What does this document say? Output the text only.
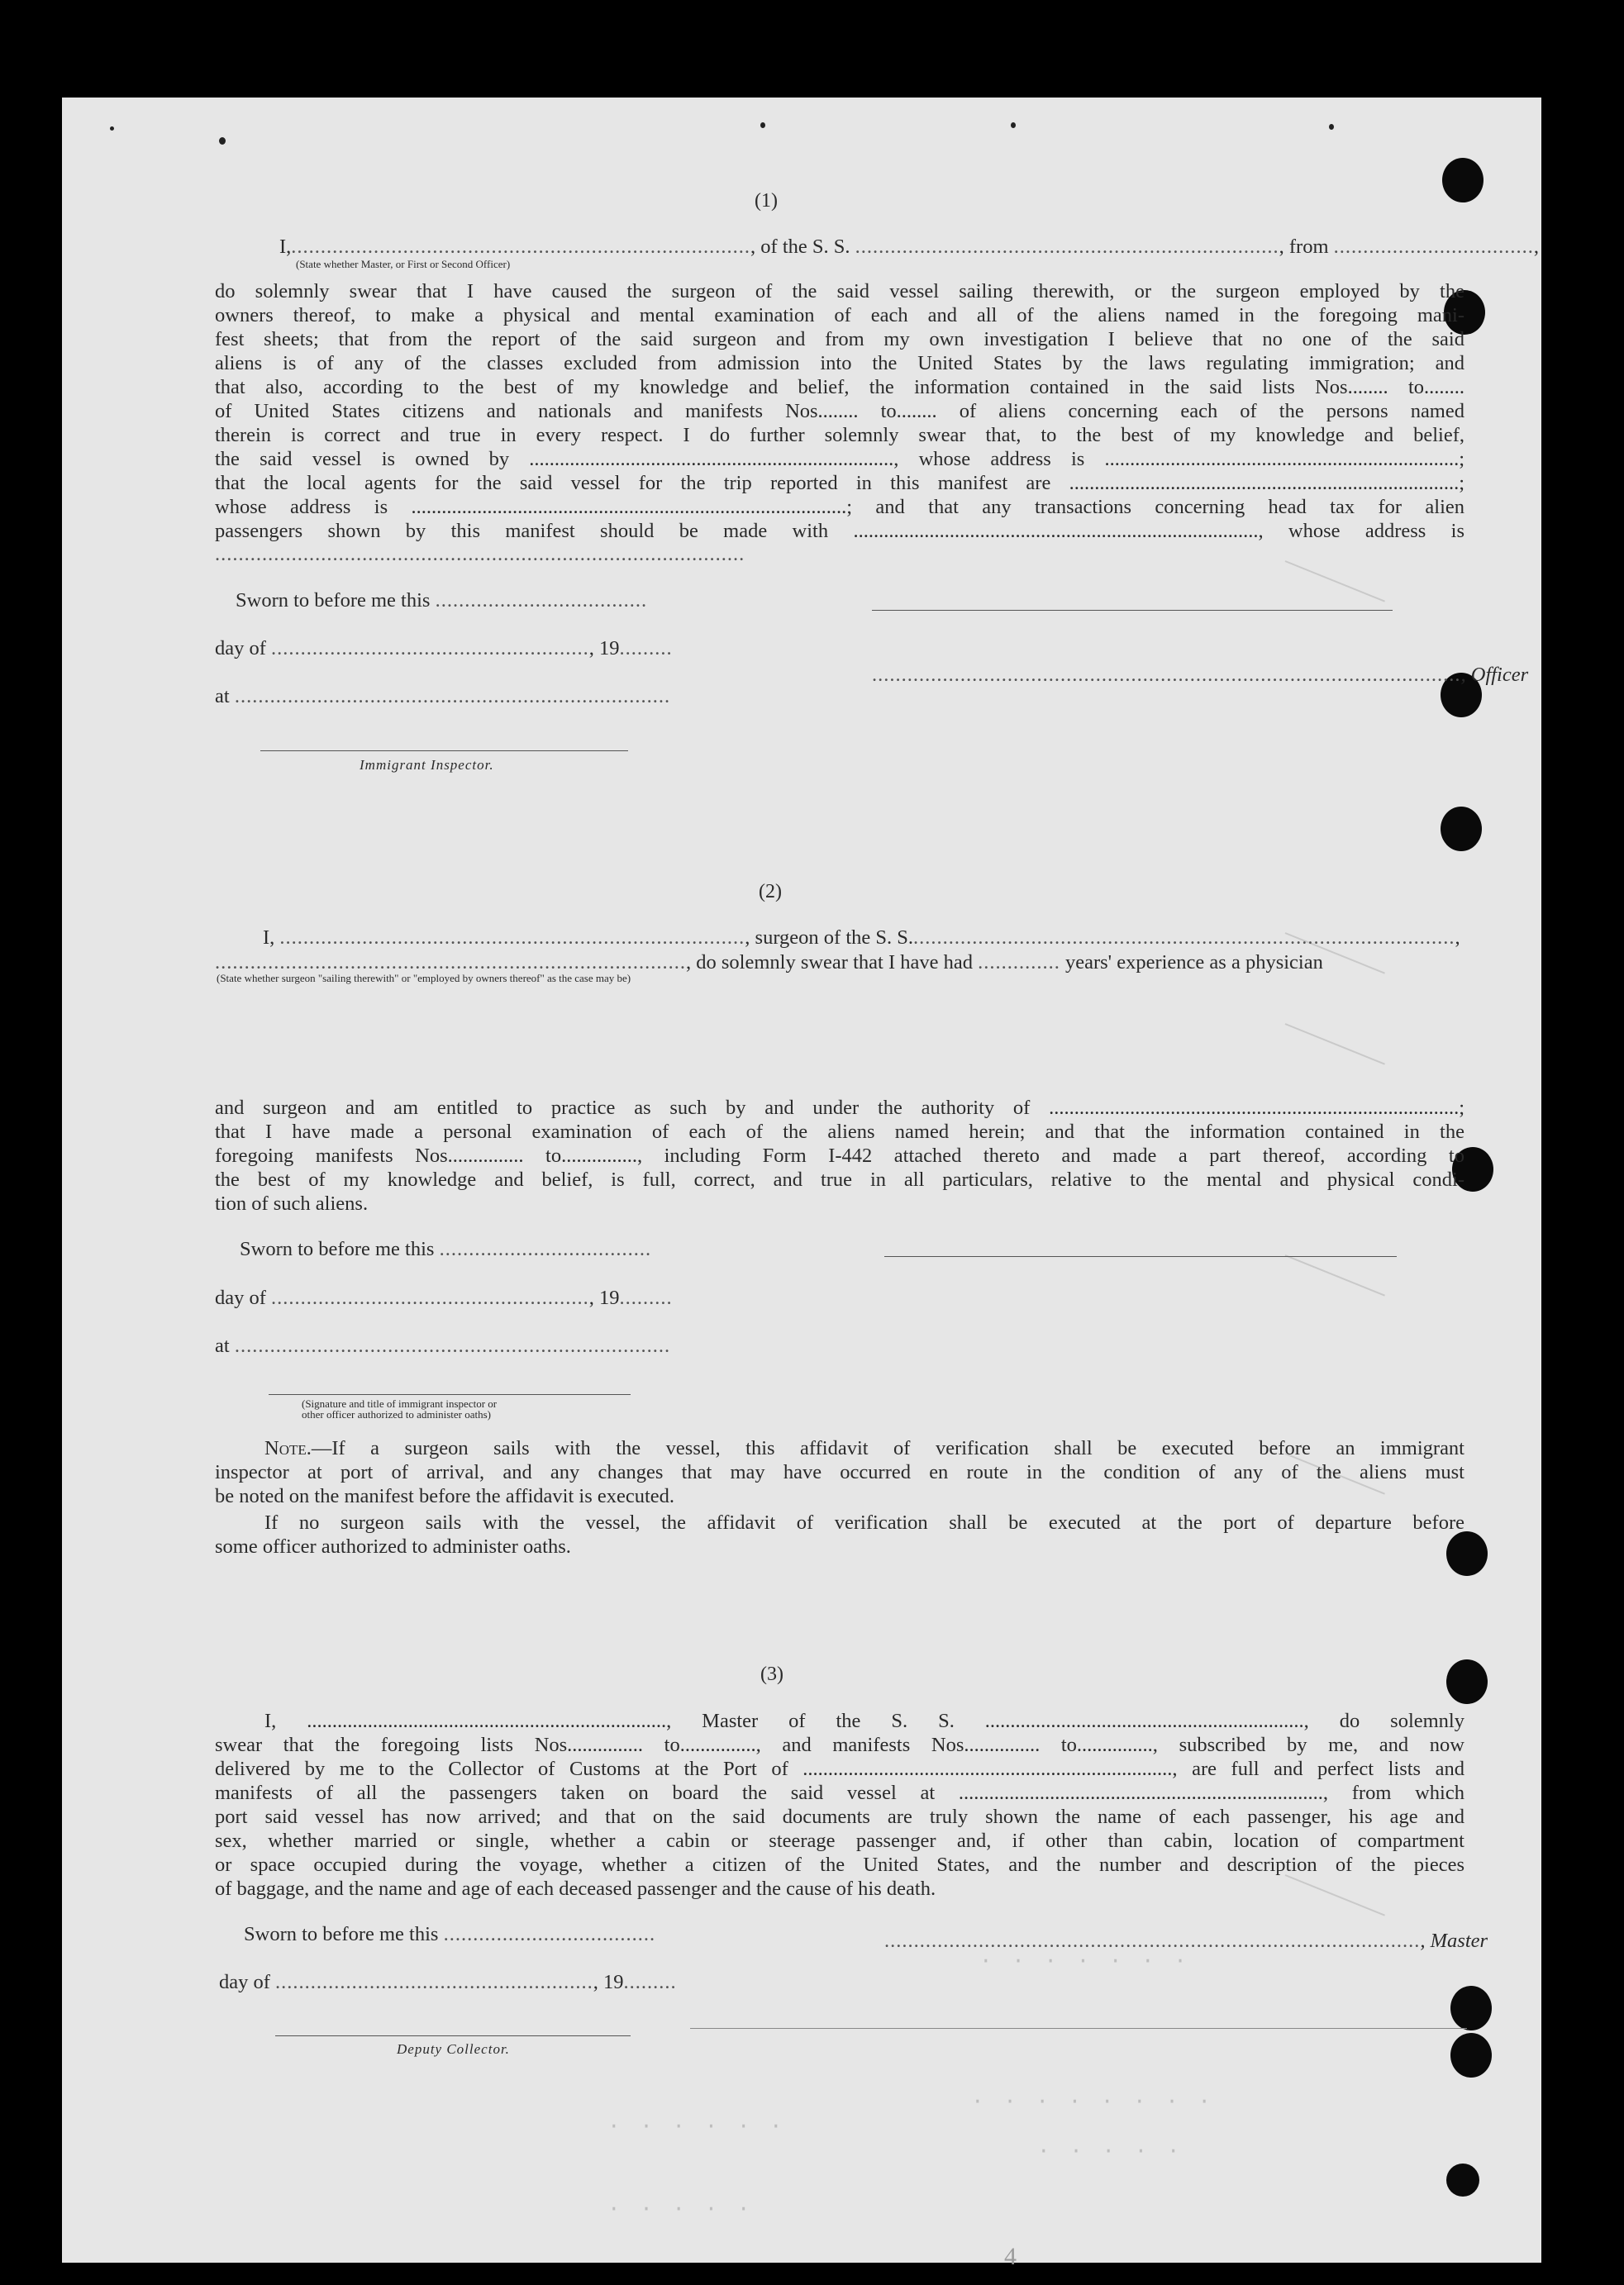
· · · · · · ·
· · · · · ·
· · · · · · · ·
· · · · ·
· · · · ·
(1)
I,.............................................................................., of the S. S. ........................................................................, from ..................................,
(State whether Master, or First or Second Officer)
do solemnly swear that I have caused the surgeon of the said vessel sailing therewith, or the surgeon employed by the
owners thereof, to make a physical and mental examination of each and all of the aliens named in the foregoing mani-
fest sheets; that from the report of the said surgeon and from my own investigation I believe that no one of the said
aliens is of any of the classes excluded from admission into the United States by the laws regulating immigration; and
that also, according to the best of my knowledge and belief, the information contained in the said lists Nos........ to........
of United States citizens and nationals and manifests Nos........ to........ of aliens concerning each of the persons named
therein is correct and true in every respect. I do further solemnly swear that, to the best of my knowledge and belief,
the said vessel is owned by ........................................................................, whose address is ......................................................................;
that the local agents for the said vessel for the trip reported in this manifest are .............................................................................;
whose address is ......................................................................................; and that any transactions concerning head tax for alien
passengers shown by this manifest should be made with ................................................................................, whose address is
..........................................................................................
Sworn to before me this ....................................
day of ......................................................, 19.........
...................................................................................................., Officer
at ..........................................................................
Immigrant Inspector.
(2)
I, ..............................................................................., surgeon of the S. S.............................................................................................,
................................................................................, do solemnly swear that I have had .............. years' experience as a physician
(State whether surgeon "sailing therewith" or "employed by owners thereof" as the case may be)
and surgeon and am entitled to practice as such by and under the authority of .................................................................................;
that I have made a personal examination of each of the aliens named herein; and that the information contained in the
foregoing manifests Nos............... to..............., including Form I-442 attached thereto and made a part thereof, according to
the best of my knowledge and belief, is full, correct, and true in all particulars, relative to the mental and physical condi-
tion of such aliens.
Sworn to before me this ....................................
day of ......................................................, 19.........
at ..........................................................................
(Signature and title of immigrant inspector or
other officer authorized to administer oaths)
Note.—If a surgeon sails with the vessel, this affidavit of verification shall be executed before an immigrant
inspector at port of arrival, and any changes that may have occurred en route in the condition of any of the aliens must
be noted on the manifest before the affidavit is executed.
If no surgeon sails with the vessel, the affidavit of verification shall be executed at the port of departure before
some officer authorized to administer oaths.
(3)
I, ......................................................................., Master of the S. S. ..............................................................., do solemnly
swear that the foregoing lists Nos............... to..............., and manifests Nos............... to..............., subscribed by me, and now
delivered by me to the Collector of Customs at the Port of ........................................................................., are full and perfect lists and
manifests of all the passengers taken on board the said vessel at ........................................................................, from which
port said vessel has now arrived; and that on the said documents are truly shown the name of each passenger, his age and
sex, whether married or single, whether a cabin or steerage passenger and, if other than cabin, location of compartment
or space occupied during the voyage, whether a citizen of the United States, and the number and description of the pieces
of baggage, and the name and age of each deceased passenger and the cause of his death.
Sworn to before me this ....................................	..........................................................................................., Master
day of ......................................................, 19.........
Deputy Collector.
4
